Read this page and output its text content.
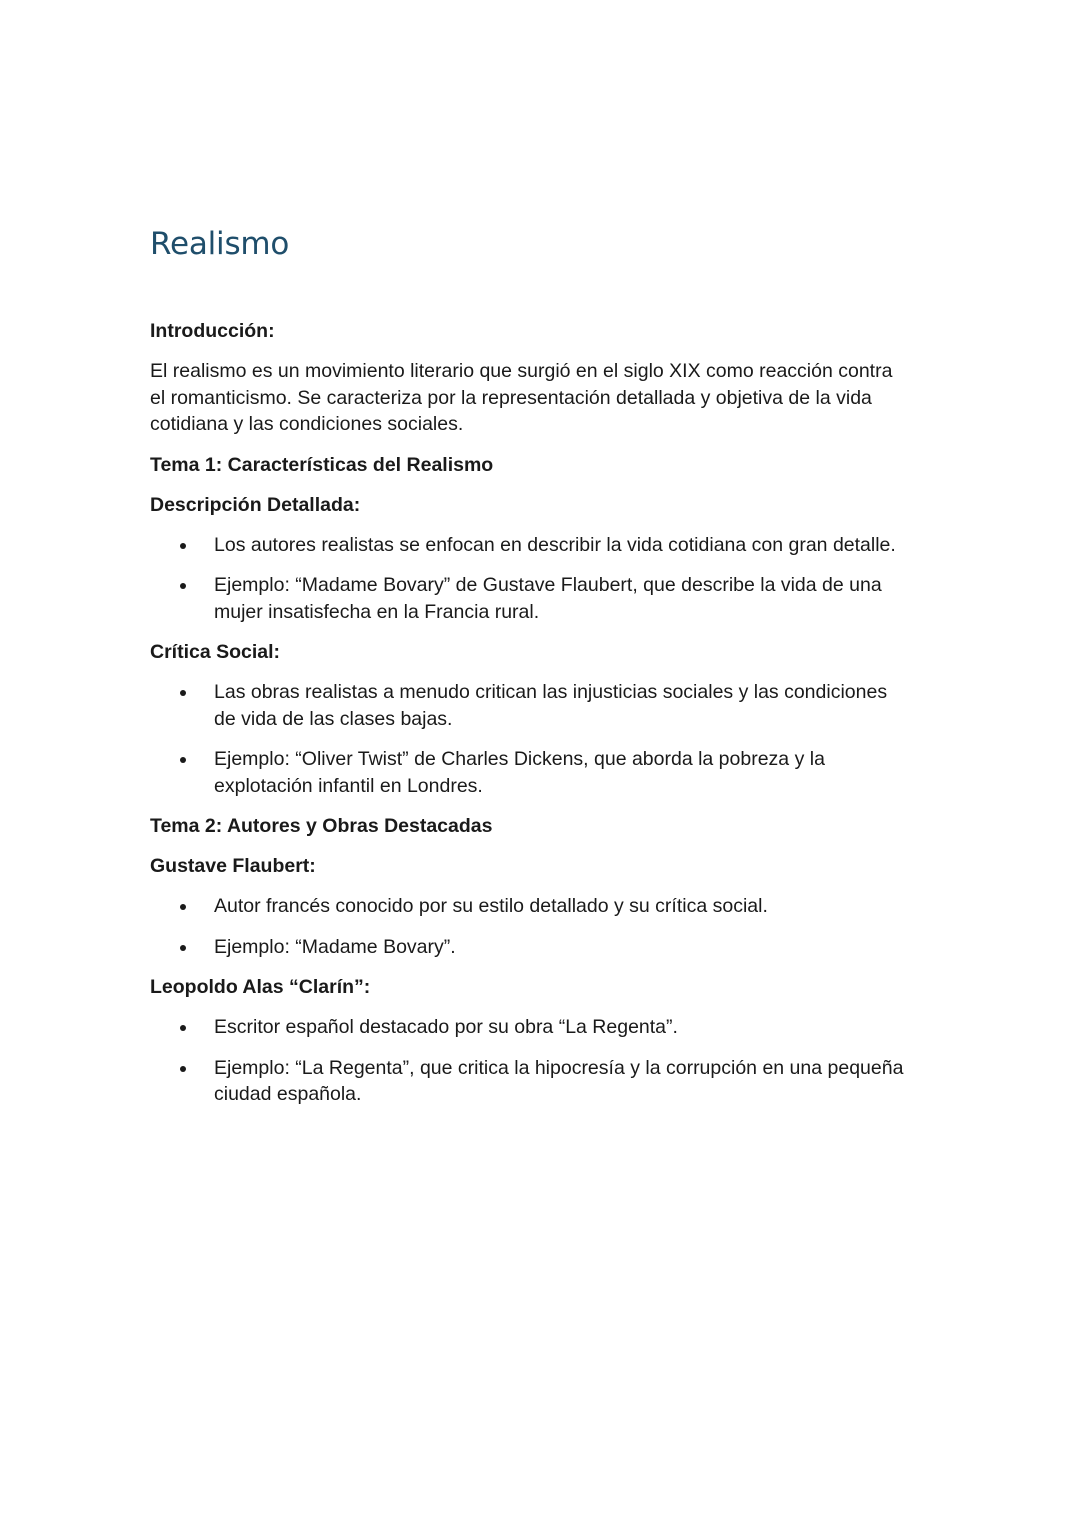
Realismo
Introducción:

El realismo es un movimiento literario que surgió en el siglo XIX como reacción contra el romanticismo. Se caracteriza por la representación detallada y objetiva de la vida cotidiana y las condiciones sociales.

Tema 1: Características del Realismo
Descripción Detallada:
Los autores realistas se enfocan en describir la vida cotidiana con gran detalle.
Ejemplo: “Madame Bovary” de Gustave Flaubert, que describe la vida de una mujer insatisfecha en la Francia rural.
Crítica Social:
Las obras realistas a menudo critican las injusticias sociales y las condiciones de vida de las clases bajas.
Ejemplo: “Oliver Twist” de Charles Dickens, que aborda la pobreza y la explotación infantil en Londres.
Tema 2: Autores y Obras Destacadas
Gustave Flaubert:
Autor francés conocido por su estilo detallado y su crítica social.
Ejemplo: “Madame Bovary”.
Leopoldo Alas “Clarín”:
Escritor español destacado por su obra “La Regenta”.
Ejemplo: “La Regenta”, que critica la hipocresía y la corrupción en una pequeña ciudad española.
